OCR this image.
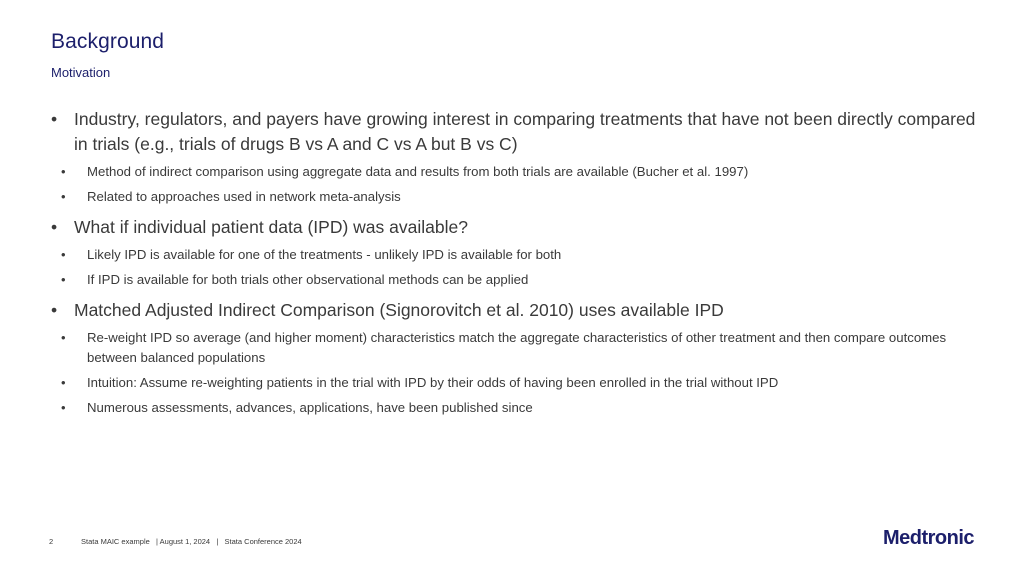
Background
Motivation
• Industry, regulators, and payers have growing interest in comparing treatments that have not been directly compared in trials (e.g., trials of drugs B vs A and C vs A but B vs C)
• Method of indirect comparison using aggregate data and results from both trials are available (Bucher et al. 1997)
• Related to approaches used in network meta-analysis
• What if individual patient data (IPD) was available?
• Likely IPD is available for one of the treatments - unlikely IPD is available for both
• If IPD is available for both trials other observational methods can be applied
• Matched Adjusted Indirect Comparison (Signorovitch et al. 2010) uses available IPD
• Re-weight IPD so average (and higher moment) characteristics match the aggregate characteristics of other treatment and then compare outcomes between balanced populations
• Intuition: Assume re-weighting patients in the trial with IPD by their odds of having been enrolled in the trial without IPD
• Numerous assessments, advances, applications, have been published since
2	Stata MAIC example   | August 1, 2024   |   Stata Conference 2024	Medtronic
